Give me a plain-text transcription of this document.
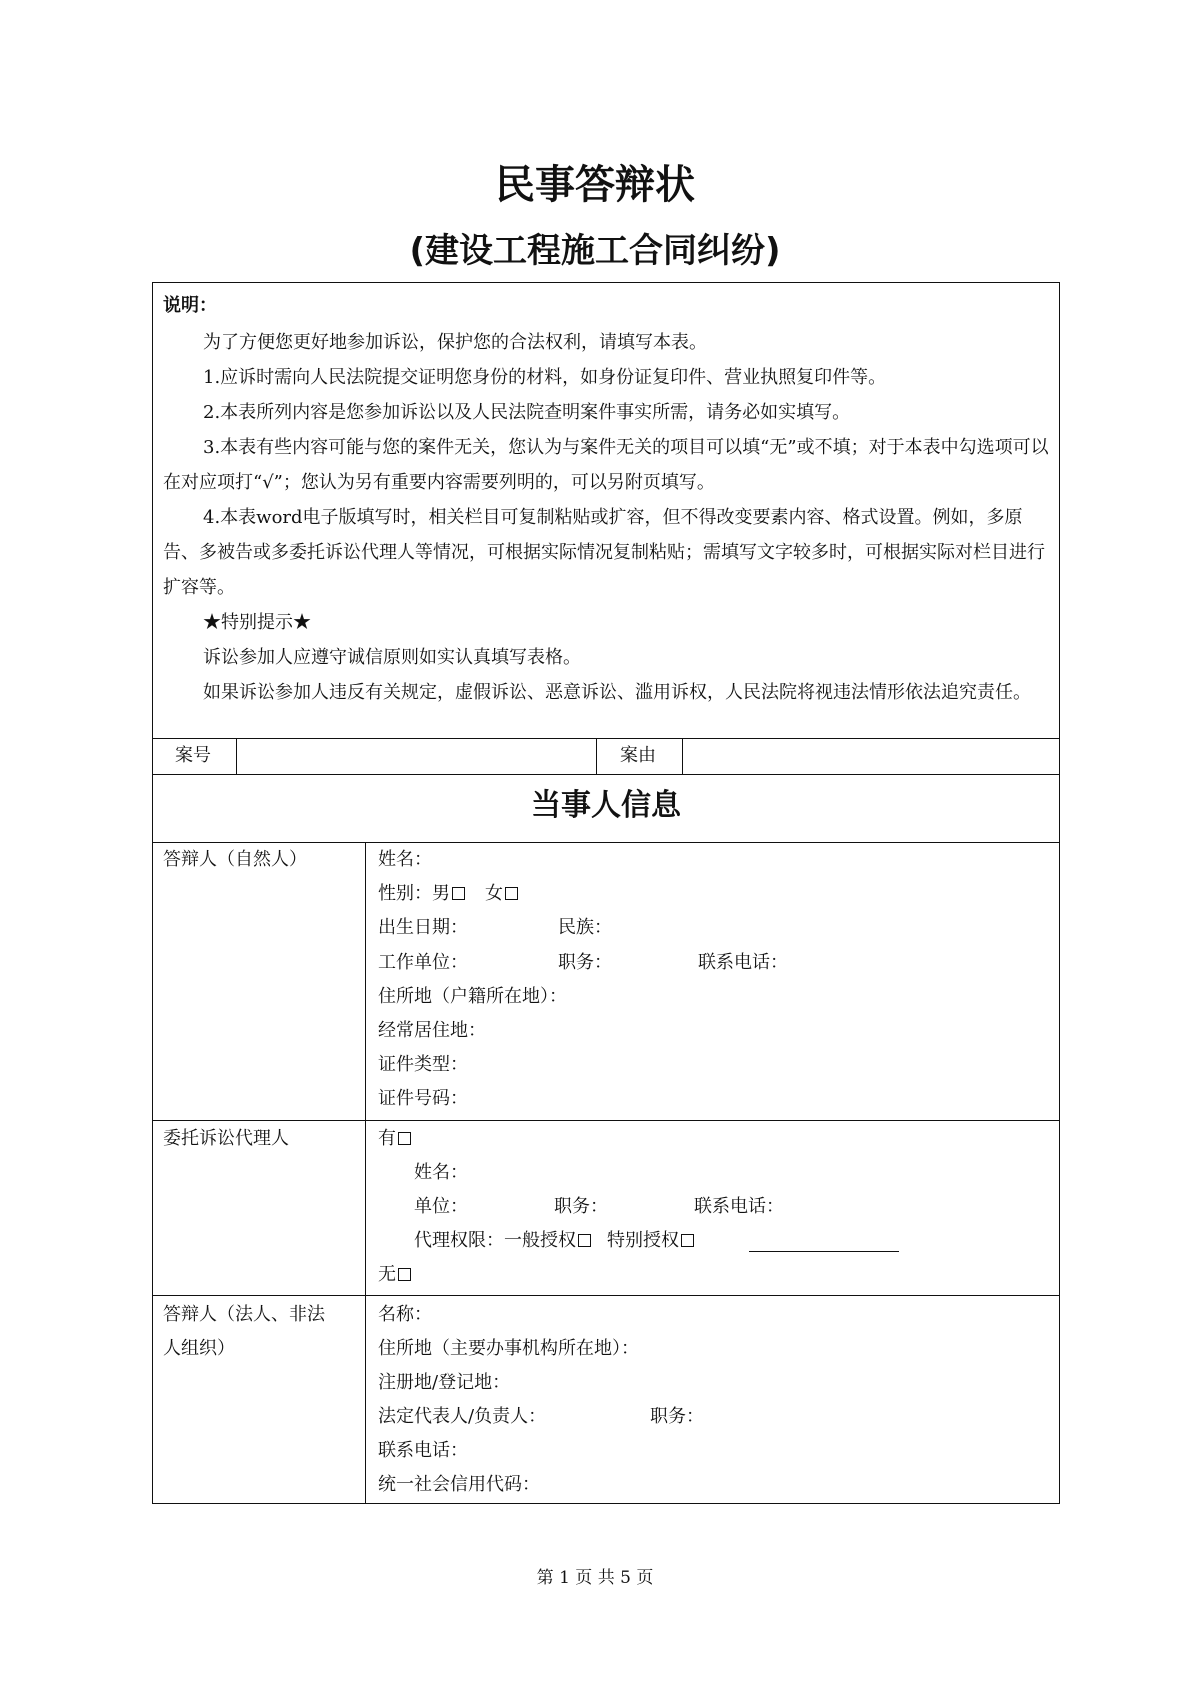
民事答辩状
(建设工程施工合同纠纷)

说明：

为了方便您更好地参加诉讼，保护您的合法权利，请填写本表。

1.应诉时需向人民法院提交证明您身份的材料，如身份证复印件、营业执照复印件等。

2.本表所列内容是您参加诉讼以及人民法院查明案件事实所需，请务必如实填写。

3.本表有些内容可能与您的案件无关，您认为与案件无关的项目可以填“无”或不填；对于本表中勾选项可以在对应项打“√”；您认为另有重要内容需要列明的，可以另附页填写。

4.本表word电子版填写时，相关栏目可复制粘贴或扩容，但不得改变要素内容、格式设置。例如，多原告、多被告或多委托诉讼代理人等情况，可根据实际情况复制粘贴；需填写文字较多时，可根据实际对栏目进行扩容等。

★特别提示★

诉讼参加人应遵守诚信原则如实认真填写表格。

如果诉讼参加人违反有关规定，虚假诉讼、恶意诉讼、滥用诉权，人民法院将视违法情形依法追究责任。

案号	案由
当事人信息
答辩人（自然人）	姓名：
性别：男 女
出生日期：	民族：
工作单位：	职务：	联系电话：
住所地（户籍所在地）：
经常居住地：
证件类型：
证件号码：
委托诉讼代理人	有
姓名：
单位：	职务：	联系电话：
代理权限：一般授权 特别授权
无
答辩人（法人、非法
人组织）
名称：
住所地（主要办事机构所在地）：
注册地/登记地：
法定代表人/负责人：	职务：
联系电话：
统一社会信用代码：
第 1 页 共 5 页
